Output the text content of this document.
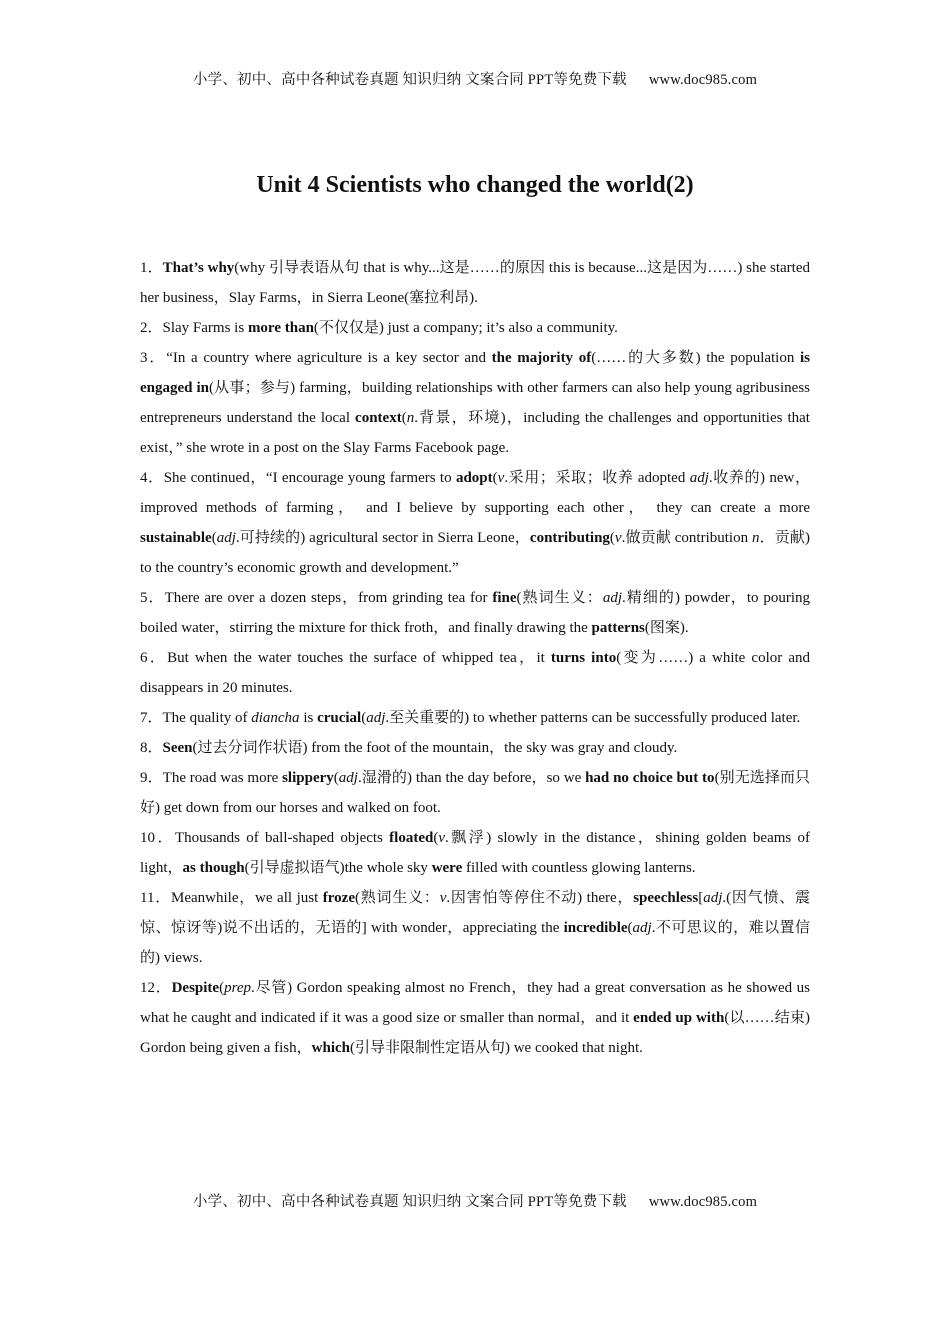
小学、初中、高中各种试卷真题 知识归纳 文案合同 PPT等免费下载 www.doc985.com
Unit 4 Scientists who changed the world(2)

1．That’s why(why 引导表语从句 that is why...这是……的原因 this is because...这是因为……) she started her business，Slay Farms，in Sierra Leone(塞拉利昂).

2．Slay Farms is more than(不仅仅是) just a company; it’s also a community.

3．“In a country where agriculture is a key sector and the majority of(……的大多数) the population is engaged in(从事；参与) farming，building relationships with other farmers can also help young agribusiness entrepreneurs understand the local context(n.背景，环境)，including the challenges and opportunities that exist，” she wrote in a post on the Slay Farms Facebook page.

4．She continued，“I encourage young farmers to adopt(v.采用；采取；收养 adopted adj.收养的) new， improved methods of farming， and I believe by supporting each other， they can create a more sustainable(adj.可持续的) agricultural sector in Sierra Leone，contributing(v.做贡献 contribution n．贡献) to the country’s economic growth and development.”

5．There are over a dozen steps，from grinding tea for fine(熟词生义：adj.精细的) powder，to pouring boiled water，stirring the mixture for thick froth，and finally drawing the patterns(图案).

6．But when the water touches the surface of whipped tea，it turns into(变为……) a white color and disappears in 20 minutes.

7．The quality of diancha is crucial(adj.至关重要的) to whether patterns can be successfully produced later.

8．Seen(过去分词作状语) from the foot of the mountain，the sky was gray and cloudy.

9．The road was more slippery(adj.湿滑的) than the day before，so we had no choice but to(别无选择而只好) get down from our horses and walked on foot.

10．Thousands of ball-shaped objects floated(v.飘浮) slowly in the distance，shining golden beams of light，as though(引导虚拟语气)the whole sky were filled with countless glowing lanterns.

11．Meanwhile，we all just froze(熟词生义：v.因害怕等停住不动) there，speechless[adj.(因气愤、震惊、惊讶等)说不出话的，无语的] with wonder，appreciating the incredible(adj.不可思议的，难以置信的) views.

12．Despite(prep.尽管) Gordon speaking almost no French，they had a great conversation as he showed us what he caught and indicated if it was a good size or smaller than normal，and it ended up with(以……结束) Gordon being given a fish，which(引导非限制性定语从句) we cooked that night.

小学、初中、高中各种试卷真题 知识归纳 文案合同 PPT等免费下载 www.doc985.com
